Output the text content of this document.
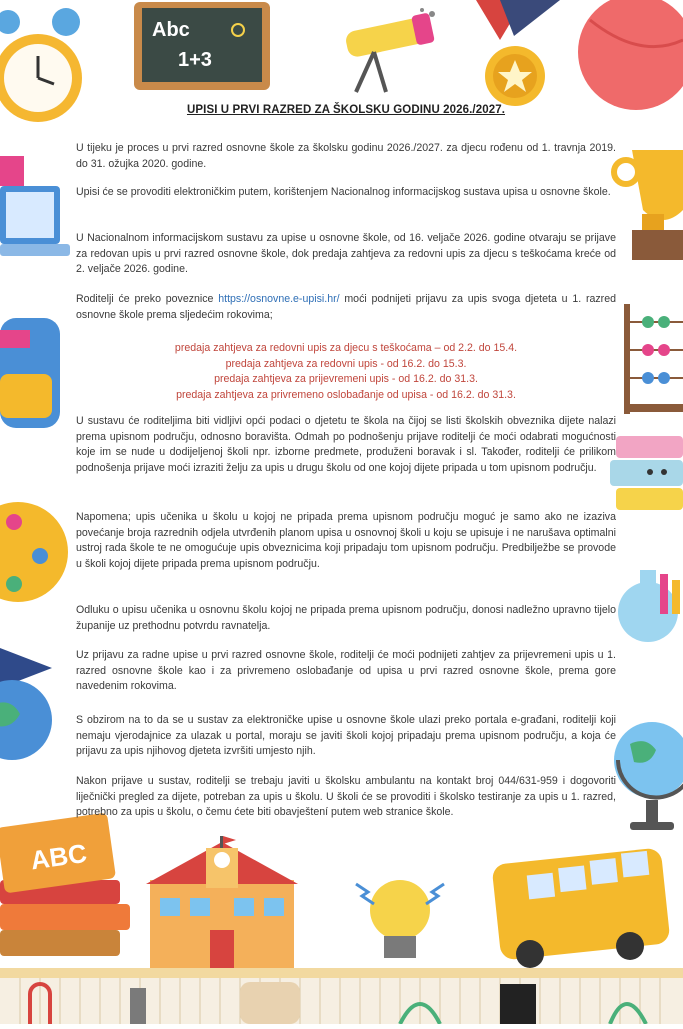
Abc
1+3
ABC
UPISI U PRVI RAZRED ZA ŠKOLSKU GODINU 2026./2027.

U tijeku je proces u prvi razred osnovne škole za školsku godinu 2026./2027. za djecu rođenu od 1. travnja 2019. do 31. ožujka 2020. godine.

Upisi će se provoditi elektroničkim putem, korištenjem Nacionalnog informacijskog sustava upisa u osnovne škole.

U Nacionalnom informacijskom sustavu za upise u osnovne škole, od 16. veljače 2026. godine otvaraju se prijave za redovan upis u prvi razred osnovne škole, dok predaja zahtjeva za redovni upis za djecu s teškoćama kreće od 2. veljače 2026. godine.

Roditelji će preko poveznice https://osnovne.e-upisi.hr/ moći podnijeti prijavu za upis svoga djeteta u 1. razred osnovne škole prema sljedećim rokovima;

predaja zahtjeva za redovni upis za djecu s teškoćama – od 2.2. do 15.4.
predaja zahtjeva za redovni upis - od 16.2. do 15.3.
predaja zahtjeva za prijevremeni upis - od 16.2. do 31.3.
predaja zahtjeva za privremeno oslobađanje od upisa - od 16.2. do 31.3.

U sustavu će roditeljima biti vidljivi opći podaci o djetetu te škola na čijoj se listi školskih obveznika dijete nalazi prema upisnom području, odnosno boravišta. Odmah po podnošenju prijave roditelji će moći odabrati mogućnosti koje im se nude u dodijeljenoj školi npr. izborne predmete, produženi boravak i sl. Također, roditelji će prilikom podnošenja prijave moći izraziti želju za upis u drugu školu od one kojoj dijete pripada u tom upisnom području.

Napomena; upis učenika u školu u kojoj ne pripada prema upisnom području moguć je samo ako ne izaziva povećanje broja razrednih odjela utvrđenih planom upisa u osnovnoj školi u koju se upisuje i ne narušava optimalni ustroj rada škole te ne omogućuje upis obveznicima koji pripadaju tom upisnom području. Predbilježbe se provode u školi kojoj dijete pripada prema upisnom području.

Odluku o upisu učenika u osnovnu školu kojoj ne pripada prema upisnom području, donosi nadležno upravno tijelo županije uz prethodnu potvrdu ravnatelja.

Uz prijavu za radne upise u prvi razred osnovne škole, roditelji će moći podnijeti zahtjev za prijevremeni upis u 1. razred osnovne škole kao i za privremeno oslobađanje od upisa u prvi razred osnovne škole, prema gore navedenim rokovima.

S obzirom na to da se u sustav za elektroničke upise u osnovne škole ulazi preko portala e-građani, roditelji koji nemaju vjerodajnice za ulazak u portal, moraju se javiti školi kojoj pripadaju prema upisnom području, a koja će prijavu za upis njihovog djeteta izvršiti umjesto njih.

Nakon prijave u sustav, roditelji se trebaju javiti u školsku ambulantu na kontakt broj 044/631-959 i dogovoriti liječnički pregled za dijete, potreban za upis u školu. U školi će se provoditi i školsko testiranje za upis u 1. razred, potrebno za upis u školu, o čemu ćete biti obavještení putem web stranice škole.
